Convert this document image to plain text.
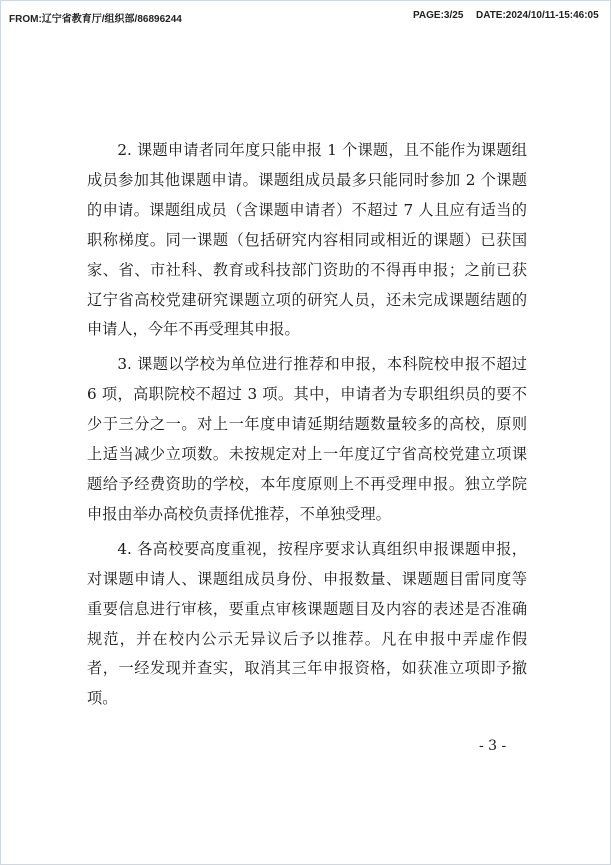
FROM:辽宁省教育厅/组织部/86896244	PAGE:3/25 DATE:2024/10/11-15:46:05

2. 课题申请者同年度只能申报 1 个课题，且不能作为课题组成员参加其他课题申请。课题组成员最多只能同时参加 2 个课题的申请。课题组成员（含课题申请者）不超过 7 人且应有适当的职称梯度。同一课题（包括研究内容相同或相近的课题）已获国家、省、市社科、教育或科技部门资助的不得再申报；之前已获辽宁省高校党建研究课题立项的研究人员，还未完成课题结题的申请人，今年不再受理其申报。

3. 课题以学校为单位进行推荐和申报，本科院校申报不超过 6 项，高职院校不超过 3 项。其中，申请者为专职组织员的要不少于三分之一。对上一年度申请延期结题数量较多的高校，原则上适当减少立项数。未按规定对上一年度辽宁省高校党建立项课题给予经费资助的学校，本年度原则上不再受理申报。独立学院申报由举办高校负责择优推荐，不单独受理。

4. 各高校要高度重视，按程序要求认真组织申报课题申报，对课题申请人、课题组成员身份、申报数量、课题题目雷同度等重要信息进行审核，要重点审核课题题目及内容的表述是否准确规范，并在校内公示无异议后予以推荐。凡在申报中弄虚作假者，一经发现并查实，取消其三年申报资格，如获准立项即予撤项。

- 3 -
